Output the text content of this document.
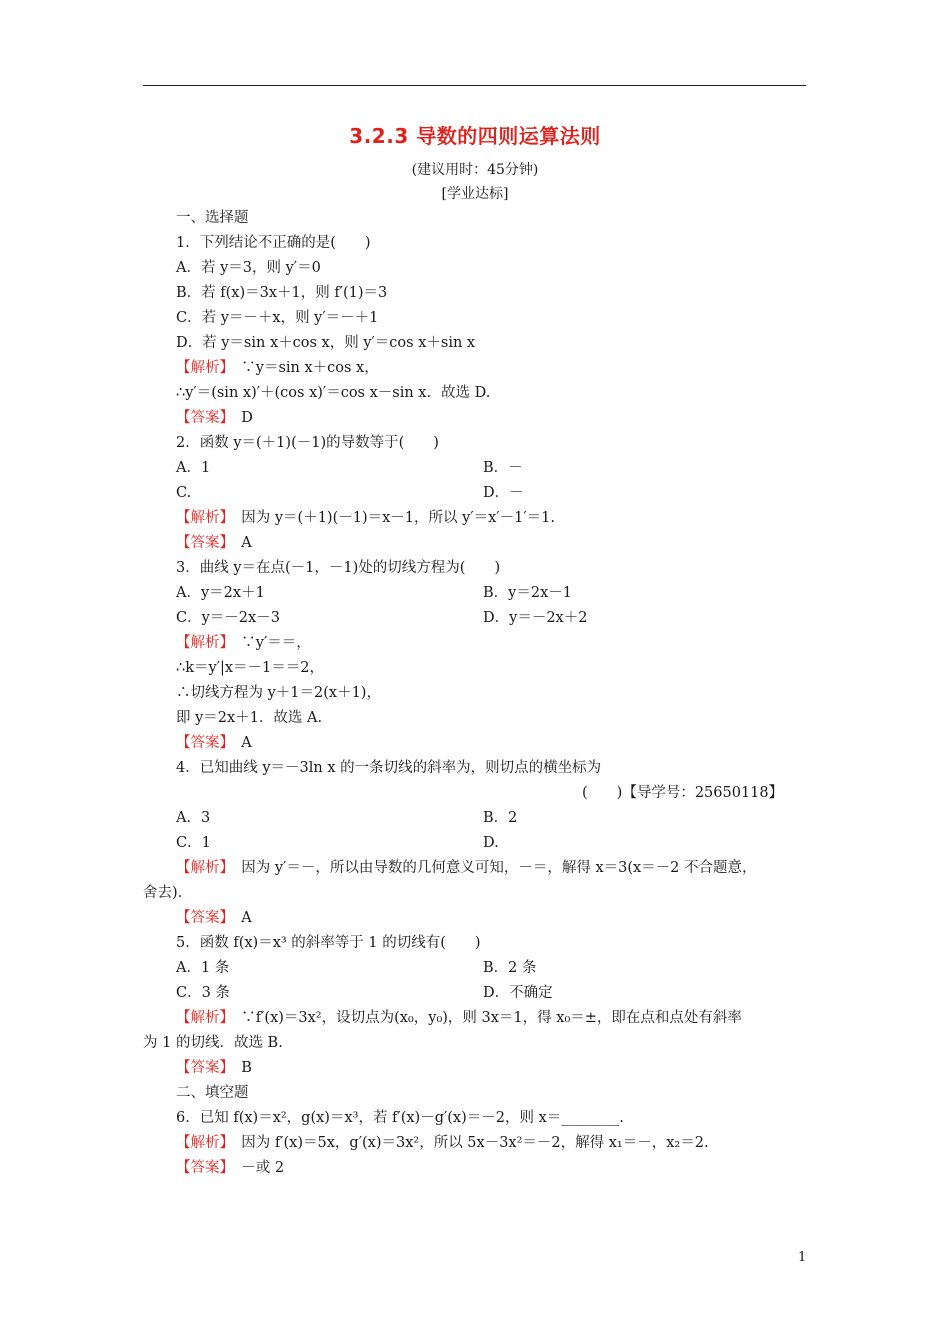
3.2.3 导数的四则运算法则
(建议用时：45分钟)
[学业达标]
一、选择题
1．下列结论不正确的是(　　)
A．若 y＝3，则 y′＝0
B．若 f(x)＝3x＋1，则 f′(1)＝3
C．若 y＝－＋x，则 y′＝－＋1
D．若 y＝sin x＋cos x，则 y′＝cos x＋sin x
【解析】　∵y＝sin x＋cos x，
∴y′＝(sin x)′＋(cos x)′＝cos x－sin x．故选 D.
【答案】　D
2．函数 y＝(＋1)(－1)的导数等于(　　)
A．1	B．－
C.	D．－
【解析】　因为 y＝(＋1)(－1)＝x－1，所以 y′＝x′－1′＝1.
【答案】　A
3．曲线 y＝在点(－1，－1)处的切线方程为(　　)
A．y＝2x＋1	B．y＝2x－1
C．y＝－2x－3	D．y＝－2x＋2
【解析】　∵y′＝＝，
∴k＝y′|x＝－1＝＝2，
∴切线方程为 y＋1＝2(x＋1)，
即 y＝2x＋1．故选 A.
【答案】　A
4．已知曲线 y＝－3ln x 的一条切线的斜率为，则切点的横坐标为
(　　)【导学号：25650118】
A．3	B．2
C．1	D.
【解析】　因为 y′＝－，所以由导数的几何意义可知，－＝，解得 x＝3(x＝－2 不合题意，
舍去)．
【答案】　A
5．函数 f(x)＝x³ 的斜率等于 1 的切线有(　　)
A．1 条	B．2 条
C．3 条	D．不确定
【解析】　∵f′(x)＝3x²，设切点为(x₀，y₀)，则 3x＝1，得 x₀＝±，即在点和点处有斜率
为 1 的切线．故选 B.
【答案】　B
二、填空题
6．已知 f(x)＝x²，g(x)＝x³，若 f′(x)－g′(x)＝－2，则 x＝________.
【解析】　因为 f′(x)＝5x，g′(x)＝3x²，所以 5x－3x²＝－2，解得 x₁＝－，x₂＝2.
【答案】　－或 2
1
